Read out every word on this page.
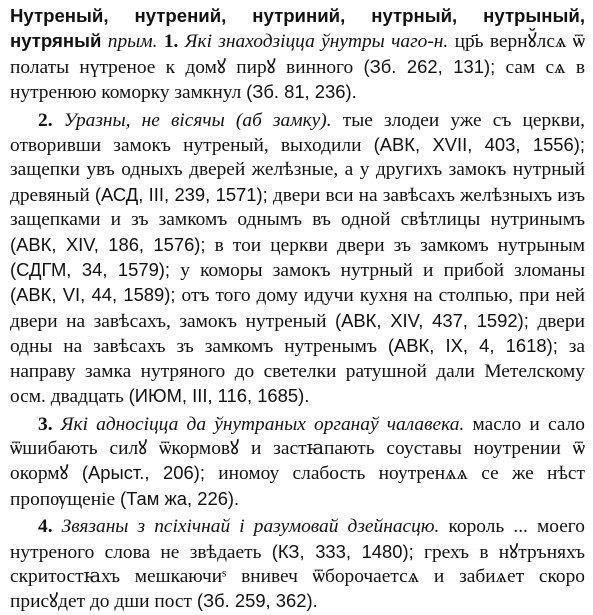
Нутреный, нутрений, нутриний, нутрный, нутрыный, нутряный прым. 1. Які знаходзіцца ўнутры чаго-н. цр҃ь вернꙋ̆лсѧ ѿ полаты нүтреное к домꙋ пирꙋ винного (Зб. 262, 131); сам сѧ в нутренюю коморку замкнул (Зб. 81, 236).

2. Уразны, не вісячы (аб замку). тые злодеи уже съ церкви, отворивши замокъ нутреный, выходили (АВК, XVII, 403, 1556); защепки увъ одныхъ дверей желѣзные, а у другихъ замокъ нутрный древяный (АСД, III, 239, 1571); двери вси на завѣсахъ желѣзныхъ изъ защепками и зъ замкомъ однымъ въ одной свѣтлицы нутринымъ (АВК, XIV, 186, 1576); в тои церкви двери зъ замкомъ нутрыным (СДГМ, 34, 1579); у коморы замокъ нутрный и прибой зломаны (АВК, VI, 44, 1589); отъ того дому идучи кухня на столпью, при ней двери на завѣсахъ, замокъ нутреный (АВК, XIV, 437, 1592); двери одны на завѣсахъ зъ замкомъ нутренымъ (АВК, IX, 4, 1618); за направу замка нутряного до светелки ратушной дали Метелскому осм. двадцать (ИЮМ, III, 116, 1685).

3. Які адносіцца да ўнутраных органаў чалавека. масло и сало ѿшибають силꙋ ѿкормовꙋ и застꙗпають соуставы ноутрении ѿ окормꙋ (Арыст., 206); иномоу слабость ноутренѧѧ се же нѣст пропѹщеніе (Там жа, 226).

4. Звязаны з псіхічнай і разумовай дзейнасцю. король ... моего нутреного слова не звѣдаеть (КЗ, 333, 1480); грехъ в нꙋтръняхъ скритостꙗхъ мешкаючиˢ внивеч ѿборочаетсѧ и забиѧет скоро присꙋдет до дши пост (Зб. 259, 362).
